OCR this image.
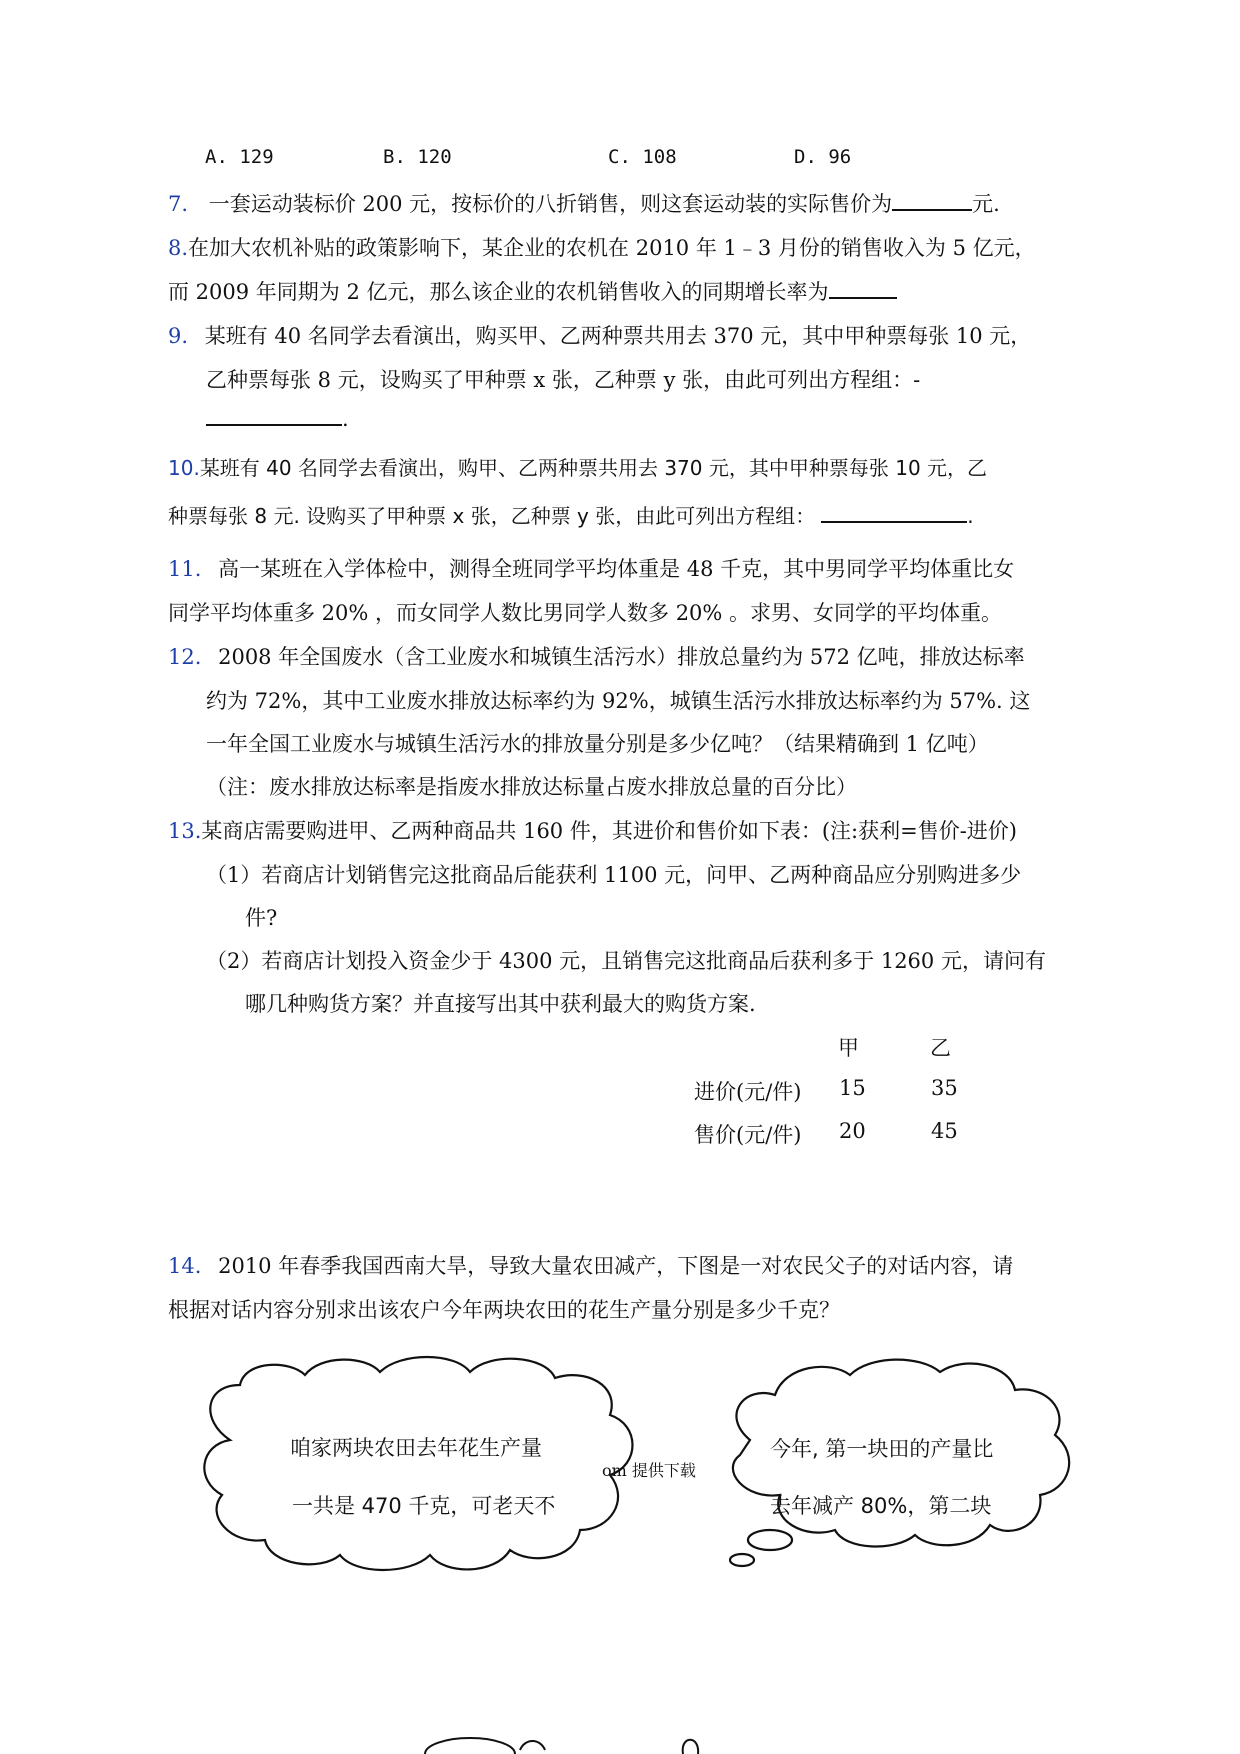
A. 129	B. 120	C. 108	D. 96
7. 一套运动装标价 200 元，按标价的八折销售，则这套运动装的实际售价为	元.
8.在加大农机补贴的政策影响下，某企业的农机在 2010 年 1﹣3 月份的销售收入为 5 亿元，
而 2009 年同期为 2 亿元，那么该企业的农机销售收入的同期增长率为
9. 某班有 40 名同学去看演出，购买甲、乙两种票共用去 370 元，其中甲种票每张 10 元，
乙种票每张 8 元，设购买了甲种票 x 张，乙种票 y 张，由此可列出方程组：-
.
10.某班有 40 名同学去看演出，购甲、乙两种票共用去 370 元，其中甲种票每张 10 元，乙
种票每张 8 元. 设购买了甲种票 x 张，乙种票 y 张，由此可列出方程组：	.
11. 高一某班在入学体检中，测得全班同学平均体重是 48 千克，其中男同学平均体重比女
同学平均体重多 20% ，而女同学人数比男同学人数多 20% 。求男、女同学的平均体重。
12. 2008 年全国废水（含工业废水和城镇生活污水）排放总量约为 572 亿吨，排放达标率
约为 72%，其中工业废水排放达标率约为 92%，城镇生活污水排放达标率约为 57%. 这
一年全国工业废水与城镇生活污水的排放量分别是多少亿吨？（结果精确到 1 亿吨）
（注：废水排放达标率是指废水排放达标量占废水排放总量的百分比）
13.某商店需要购进甲、乙两种商品共 160 件，其进价和售价如下表：(注:获利=售价-进价)
（1）若商店计划销售完这批商品后能获利 1100 元，问甲、乙两种商品应分别购进多少
件?
（2）若商店计划投入资金少于 4300 元，且销售完这批商品后获利多于 1260 元，请问有
哪几种购货方案？并直接写出其中获利最大的购货方案.
甲	乙
进价(元/件) 15	35
售价(元/件) 20	45
14. 2010 年春季我国西南大旱，导致大量农田减产，下图是一对农民父子的对话内容，请
根据对话内容分别求出该农户今年两块农田的花生产量分别是多少千克？
咱家两块农田去年花生产量
一共是 470 千克，可老天不
今年, 第一块田的产量比
去年减产 80%，第二块
om 提供下载
